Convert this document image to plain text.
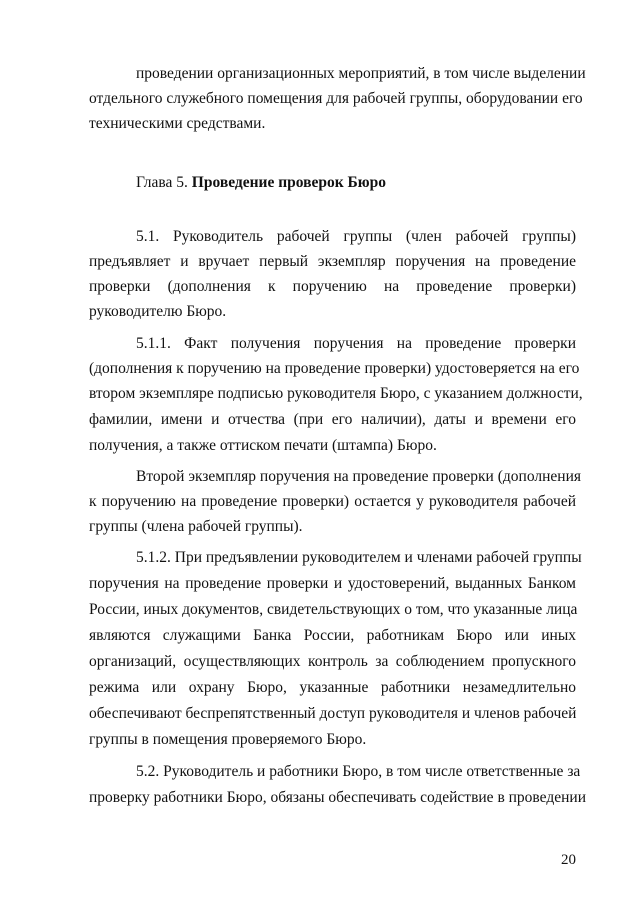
проведении организационных мероприятий, в том числе выделении
отдельного служебного помещения для рабочей группы, оборудовании его
техническими средствами.
Глава 5. Проведение проверок Бюро
5.1. Руководитель рабочей группы (член рабочей группы)
предъявляет и вручает первый экземпляр поручения на проведение
проверки (дополнения к поручению на проведение проверки)
руководителю Бюро.
5.1.1. Факт получения поручения на проведение проверки
(дополнения к поручению на проведение проверки) удостоверяется на его
втором экземпляре подписью руководителя Бюро, с указанием должности,
фамилии, имени и отчества (при его наличии), даты и времени его
получения, а также оттиском печати (штампа) Бюро.
Второй экземпляр поручения на проведение проверки (дополнения
к поручению на проведение проверки) остается у руководителя рабочей
группы (члена рабочей группы).
5.1.2. При предъявлении руководителем и членами рабочей группы
поручения на проведение проверки и удостоверений, выданных Банком
России, иных документов, свидетельствующих о том, что указанные лица
являются служащими Банка России, работникам Бюро или иных
организаций, осуществляющих контроль за соблюдением пропускного
режима или охрану Бюро, указанные работники незамедлительно
обеспечивают беспрепятственный доступ руководителя и членов рабочей
группы в помещения проверяемого Бюро.
5.2. Руководитель и работники Бюро, в том числе ответственные за
проверку работники Бюро, обязаны обеспечивать содействие в проведении
20
